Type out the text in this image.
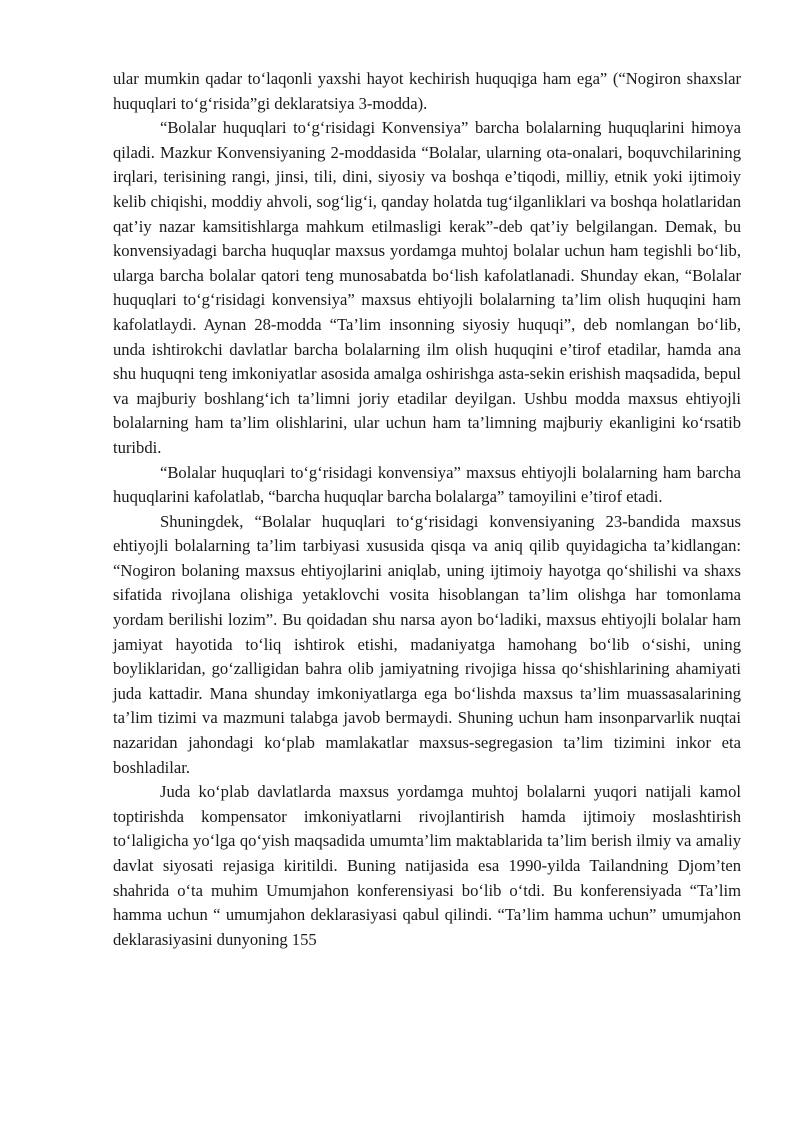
ular mumkin qadar to‘laqonli yaxshi hayot kechirish huquqiga ham ega” (“Nogiron shaxslar huquqlari to‘g‘risida”gi deklaratsiya 3-modda).

“Bolalar huquqlari to‘g‘risidagi Konvensiya” barcha bolalarning huquqlarini himoya qiladi. Mazkur Konvensiyaning 2-moddasida “Bolalar, ularning ota-onalari, boquvchilarining irqlari, terisining rangi, jinsi, tili, dini, siyosiy va boshqa e’tiqodi, milliy, etnik yoki ijtimoiy kelib chiqishi, moddiy ahvoli, sog‘lig‘i, qanday holatda tug‘ilganliklari va boshqa holatlaridan qat’iy nazar kamsitishlarga mahkum etilmasligi kerak”-deb qat’iy belgilangan. Demak, bu konvensiyadagi barcha huquqlar maxsus yordamga muhtoj bolalar uchun ham tegishli bo‘lib, ularga barcha bolalar qatori teng munosabatda bo‘lish kafolatlanadi. Shunday ekan, “Bolalar huquqlari to‘g‘risidagi konvensiya” maxsus ehtiyojli bolalarning ta’lim olish huquqini ham kafolatlaydi. Aynan 28-modda “Ta’lim insonning siyosiy huquqi”, deb nomlangan bo‘lib, unda ishtirokchi davlatlar barcha bolalarning ilm olish huquqini e’tirof etadilar, hamda ana shu huquqni teng imkoniyatlar asosida amalga oshirishga asta-sekin erishish maqsadida, bepul va majburiy boshlang‘ich ta’limni joriy etadilar deyilgan. Ushbu modda maxsus ehtiyojli bolalarning ham ta’lim olishlarini, ular uchun ham ta’limning majburiy ekanligini ko‘rsatib turibdi.

“Bolalar huquqlari to‘g‘risidagi konvensiya” maxsus ehtiyojli bolalarning ham barcha huquqlarini kafolatlab, “barcha huquqlar barcha bolalarga” tamoyilini e’tirof etadi.

Shuningdek, “Bolalar huquqlari to‘g‘risidagi konvensiyaning 23-bandida maxsus ehtiyojli bolalarning ta’lim tarbiyasi xususida qisqa va aniq qilib quyidagicha ta’kidlangan: “Nogiron bolaning maxsus ehtiyojlarini aniqlab, uning ijtimoiy hayotga qo‘shilishi va shaxs sifatida rivojlana olishiga yetaklovchi vosita hisoblangan ta’lim olishga har tomonlama yordam berilishi lozim”. Bu qoidadan shu narsa ayon bo‘ladiki, maxsus ehtiyojli bolalar ham jamiyat hayotida to‘liq ishtirok etishi, madaniyatga hamohang bo‘lib o‘sishi, uning boyliklaridan, go‘zalligidan bahra olib jamiyatning rivojiga hissa qo‘shishlarining ahamiyati juda kattadir. Mana shunday imkoniyatlarga ega bo‘lishda maxsus ta’lim muassasalarining ta’lim tizimi va mazmuni talabga javob bermaydi. Shuning uchun ham insonparvarlik nuqtai nazaridan jahondagi ko‘plab mamlakatlar maxsus-segregasion ta’lim tizimini inkor eta boshladilar.

Juda ko‘plab davlatlarda maxsus yordamga muhtoj bolalarni yuqori natijali kamol toptirishda kompensator imkoniyatlarni rivojlantirish hamda ijtimoiy moslashtirish to‘laligicha yo‘lga qo‘yish maqsadida umumta’lim maktablarida ta’lim berish ilmiy va amaliy davlat siyosati rejasiga kiritildi. Buning natijasida esa 1990-yilda Tailandning Djom’ten shahrida o‘ta muhim Umumjahon konferensiyasi bo‘lib o‘tdi. Bu konferensiyada “Ta’lim hamma uchun “ umumjahon deklarasiyasi qabul qilindi. “Ta’lim hamma uchun” umumjahon deklarasiyasini dunyoning 155
